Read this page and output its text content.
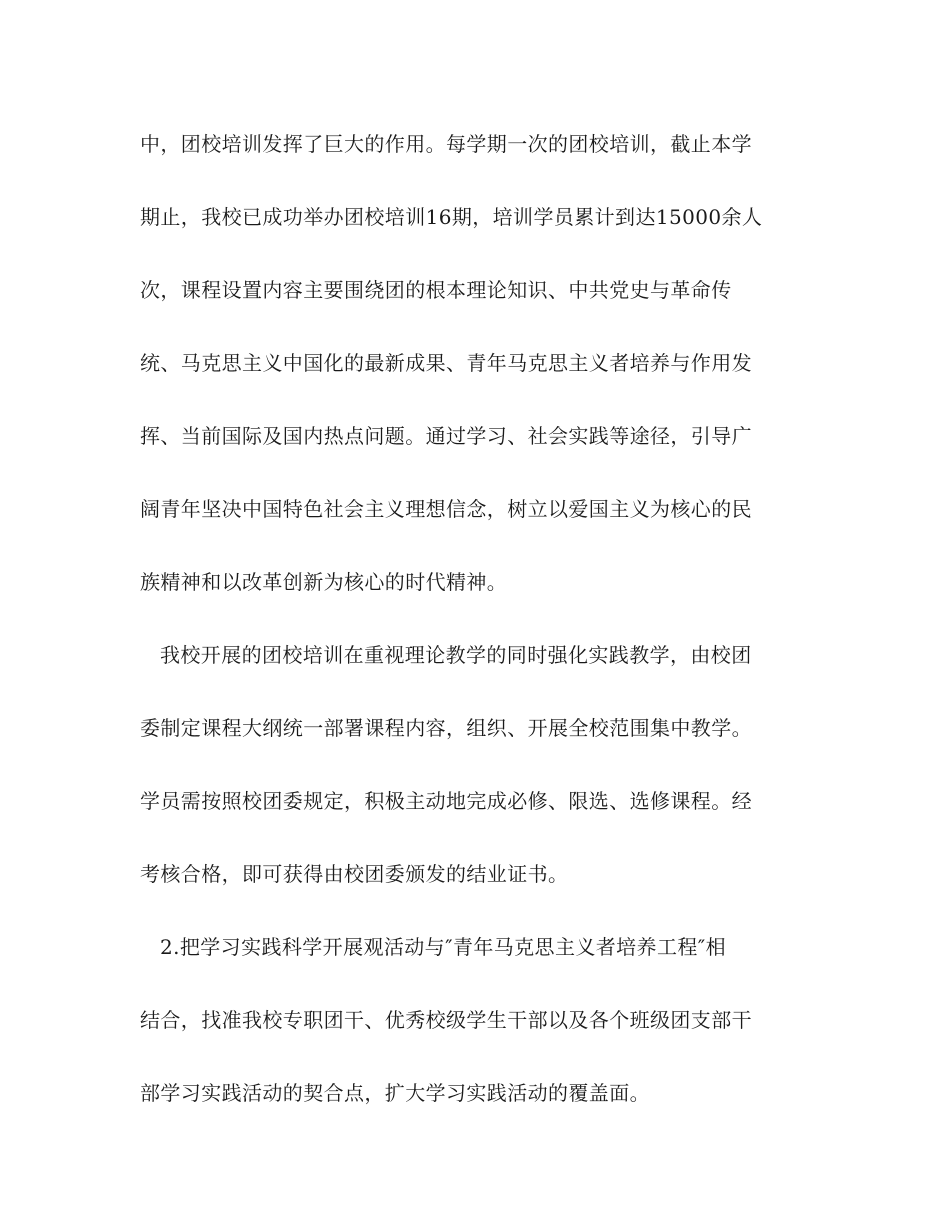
中，团校培训发挥了巨大的作用。每学期一次的团校培训，截止本学
期止，我校已成功举办团校培训16期，培训学员累计到达15000余人
次，课程设置内容主要围绕团的根本理论知识、中共党史与革命传
统、马克思主义中国化的最新成果、青年马克思主义者培养与作用发
挥、当前国际及国内热点问题。通过学习、社会实践等途径，引导广
阔青年坚决中国特色社会主义理想信念，树立以爱国主义为核心的民
族精神和以改革创新为核心的时代精神。
我校开展的团校培训在重视理论教学的同时强化实践教学，由校团
委制定课程大纲统一部署课程内容，组织、开展全校范围集中教学。
学员需按照校团委规定，积极主动地完成必修、限选、选修课程。经
考核合格，即可获得由校团委颁发的结业证书。
2.把学习实践科学开展观活动与″青年马克思主义者培养工程″相
结合，找准我校专职团干、优秀校级学生干部以及各个班级团支部干
部学习实践活动的契合点，扩大学习实践活动的覆盖面。
